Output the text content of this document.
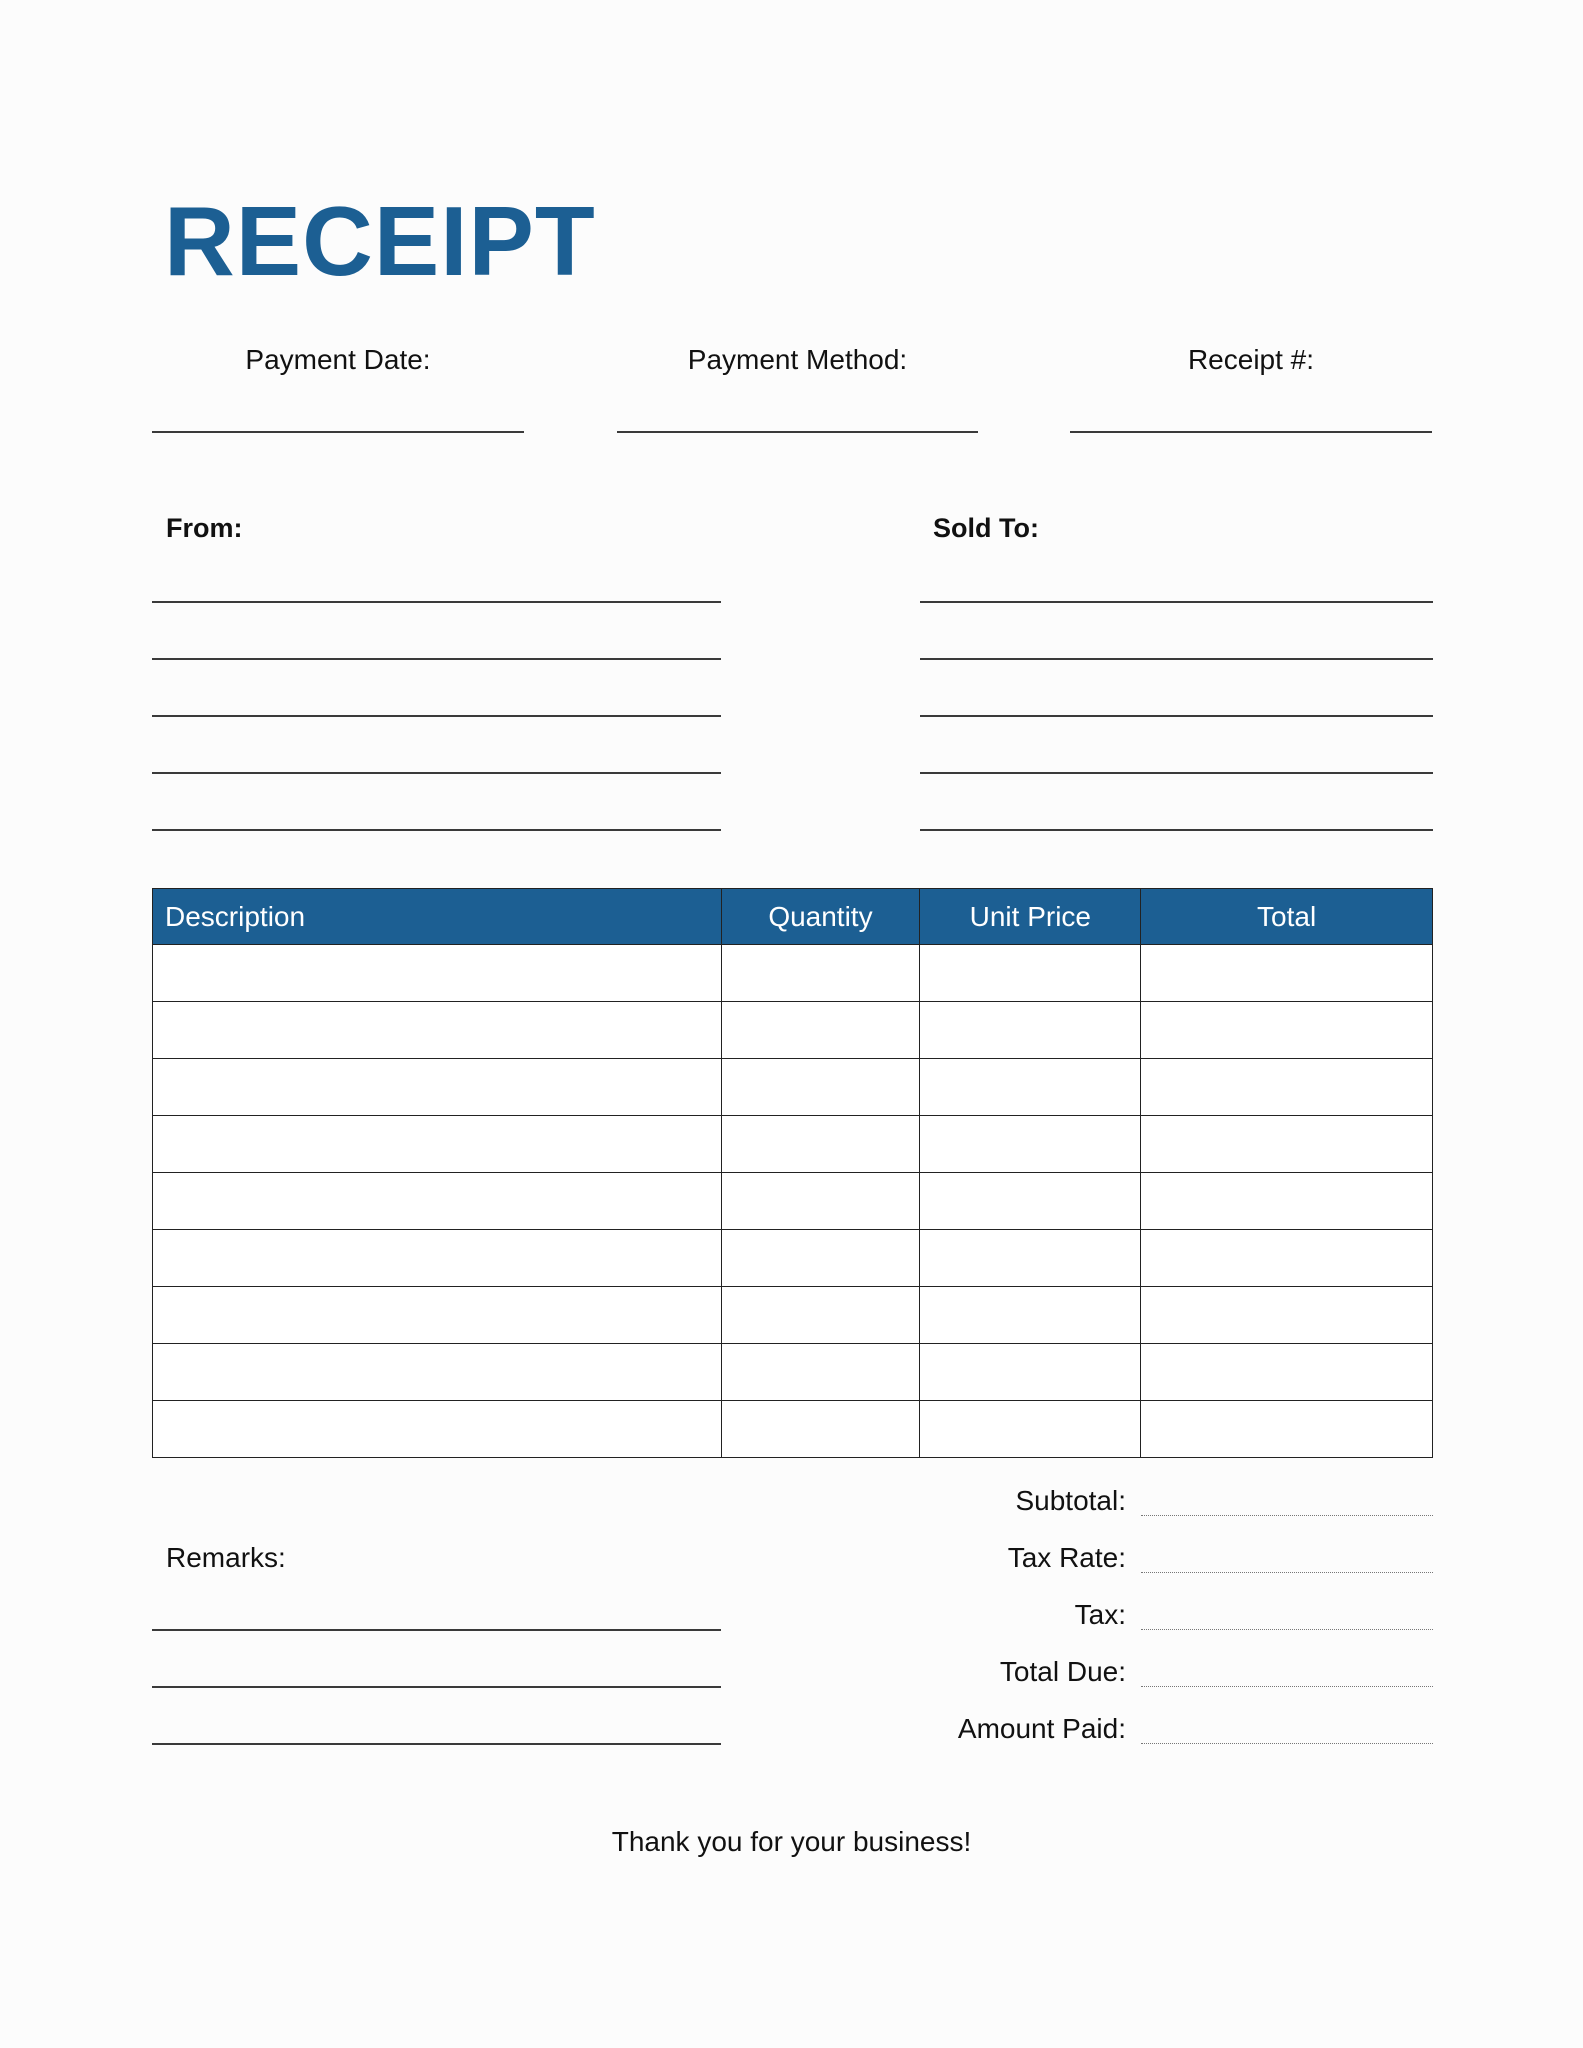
RECEIPT
Payment Date:	Payment Method:	Receipt #:
From:	Sold To:
Description	Quantity	Unit Price	Total

Subtotal:
Tax Rate:
Tax:
Total Due:
Amount Paid:
Remarks:
Thank you for your business!
